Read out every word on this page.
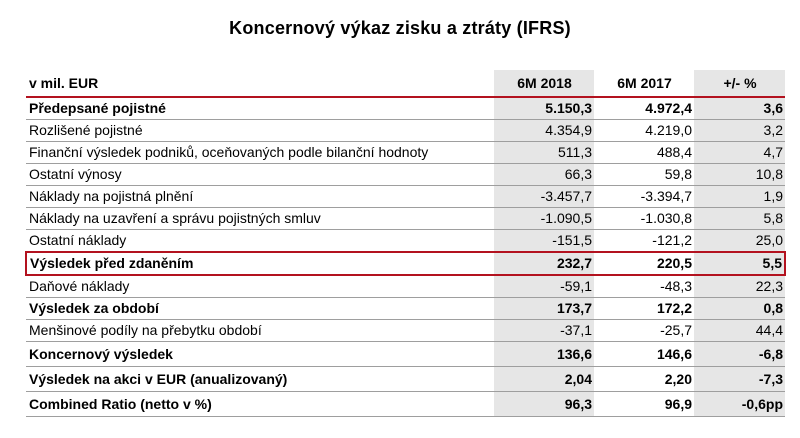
Koncernový výkaz zisku a ztráty (IFRS)
v mil. EUR	6M 2018	6M 2017	+/- %
Předepsané pojistné	5.150,3	4.972,4	3,6
Rozlišené pojistné	4.354,9	4.219,0	3,2
Finanční výsledek podniků, oceňovaných podle bilanční hodnoty	511,3	488,4	4,7
Ostatní výnosy	66,3	59,8	10,8
Náklady na pojistná plnění	-3.457,7	-3.394,7	1,9
Náklady na uzavření a správu pojistných smluv	-1.090,5	-1.030,8	5,8
Ostatní náklady	-151,5	-121,2	25,0
Výsledek před zdaněním	232,7	220,5	5,5
Daňové náklady	-59,1	-48,3	22,3
Výsledek za období	173,7	172,2	0,8
Menšinové podíly na přebytku období	-37,1	-25,7	44,4
Koncernový výsledek	136,6	146,6	-6,8
Výsledek na akci v EUR (anualizovaný)	2,04	2,20	-7,3
Combined Ratio (netto v %)	96,3	96,9	-0,6pp
